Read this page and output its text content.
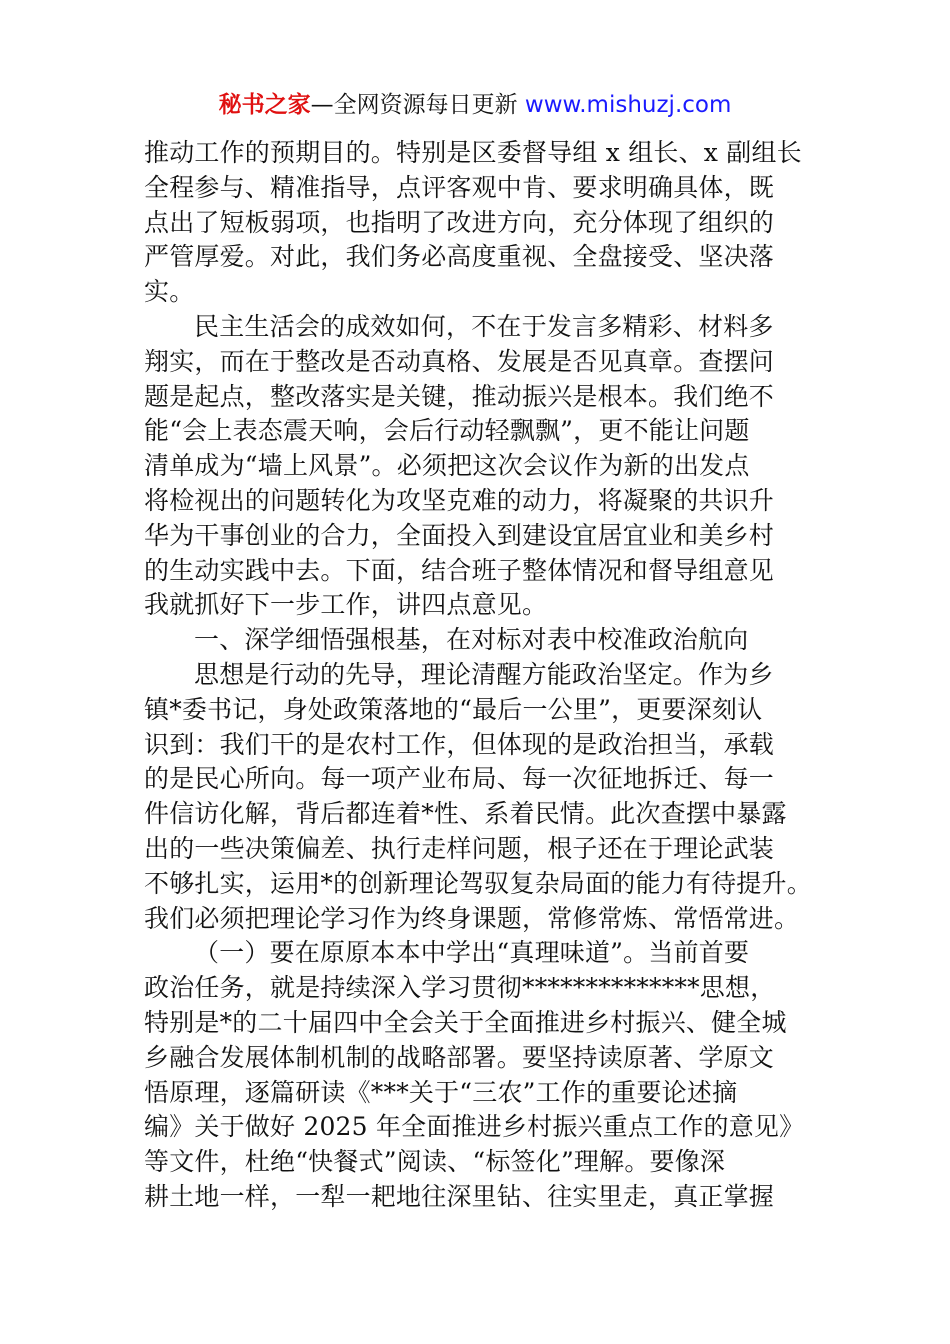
秘书之家—全网资源每日更新 www.mishuzj.com
推动工作的预期目的。特别是区委督导组 x 组长、x 副组长
全程参与、精准指导，点评客观中肯、要求明确具体，既
点出了短板弱项，也指明了改进方向，充分体现了组织的
严管厚爱。对此，我们务必高度重视、全盘接受、坚决落
实。
民主生活会的成效如何，不在于发言多精彩、材料多
翔实，而在于整改是否动真格、发展是否见真章。查摆问
题是起点，整改落实是关键，推动振兴是根本。我们绝不
能“会上表态震天响，会后行动轻飘飘”，更不能让问题
清单成为“墙上风景”。必须把这次会议作为新的出发点
将检视出的问题转化为攻坚克难的动力，将凝聚的共识升
华为干事创业的合力，全面投入到建设宜居宜业和美乡村
的生动实践中去。下面，结合班子整体情况和督导组意见
我就抓好下一步工作，讲四点意见。
一、深学细悟强根基，在对标对表中校准政治航向
思想是行动的先导，理论清醒方能政治坚定。作为乡
镇*委书记，身处政策落地的“最后一公里”，更要深刻认
识到：我们干的是农村工作，但体现的是政治担当，承载
的是民心所向。每一项产业布局、每一次征地拆迁、每一
件信访化解，背后都连着*性、系着民情。此次查摆中暴露
出的一些决策偏差、执行走样问题，根子还在于理论武装
不够扎实，运用*的创新理论驾驭复杂局面的能力有待提升。
我们必须把理论学习作为终身课题，常修常炼、常悟常进。
（一）要在原原本本中学出“真理味道”。当前首要
政治任务，就是持续深入学习贯彻**************思想，
特别是*的二十届四中全会关于全面推进乡村振兴、健全城
乡融合发展体制机制的战略部署。要坚持读原著、学原文
悟原理，逐篇研读《***关于“三农”工作的重要论述摘
编》关于做好 2025 年全面推进乡村振兴重点工作的意见》
等文件，杜绝“快餐式”阅读、“标签化”理解。要像深
耕土地一样，一犁一耙地往深里钻、往实里走，真正掌握
